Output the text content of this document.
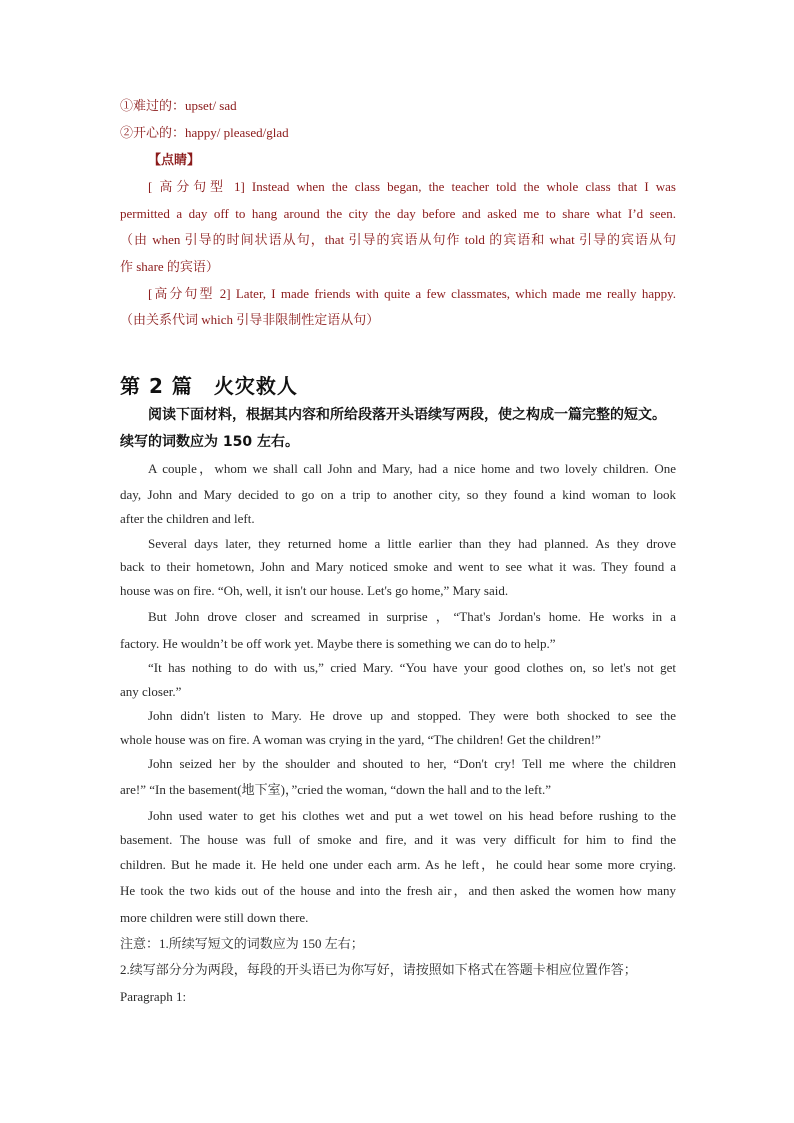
①难过的：upset/ sad
②开心的：happy/ pleased/glad
【点睛】
[ 高分句型 1] Instead when the class began, the teacher told the whole class that I was
permitted a day off to hang around the city the day before and asked me to share what I’d seen.
（由 when 引导的时间状语从句，that 引导的宾语从句作 told 的宾语和 what 引导的宾语从句
作 share 的宾语）
[高分句型 2] Later, I made friends with quite a few classmates, which made me really happy.
（由关系代词 which 引导非限制性定语从句）
第 2 篇　火灾救人
阅读下面材料，根据其内容和所给段落开头语续写两段，使之构成一篇完整的短文。
续写的词数应为 150 左右。
A couple，whom we shall call John and Mary, had a nice home and two lovely children. One
day, John and Mary decided to go on a trip to another city, so they found a kind woman to look
after the children and left.
Several days later, they returned home a little earlier than they had planned. As they drove
back to their hometown, John and Mary noticed smoke and went to see what it was. They found a
house was on fire. “Oh, well, it isn't our house. Let's go home,” Mary said.
But John drove closer and screamed in surprise ，“That's Jordan's home. He works in a
factory. He wouldn’t be off work yet. Maybe there is something we can do to help.”
“It has nothing to do with us,” cried Mary. “You have your good clothes on, so let's not get
any closer.”
John didn't listen to Mary. He drove up and stopped. They were both shocked to see the
whole house was on fire. A woman was crying in the yard, “The children! Get the children!”
John seized her by the shoulder and shouted to her, “Don't cry! Tell me where the children
are!” “In the basement(地下室)，”cried the woman, “down the hall and to the left.”
John used water to get his clothes wet and put a wet towel on his head before rushing to the
basement. The house was full of smoke and fire, and it was very difficult for him to find the
children. But he made it. He held one under each arm. As he left，he could hear some more crying.
He took the two kids out of the house and into the fresh air，and then asked the women how many
more children were still down there.
注意：1.所续写短文的词数应为 150 左右；
2.续写部分分为两段，每段的开头语已为你写好，请按照如下格式在答题卡相应位置作答；
Paragraph 1:
